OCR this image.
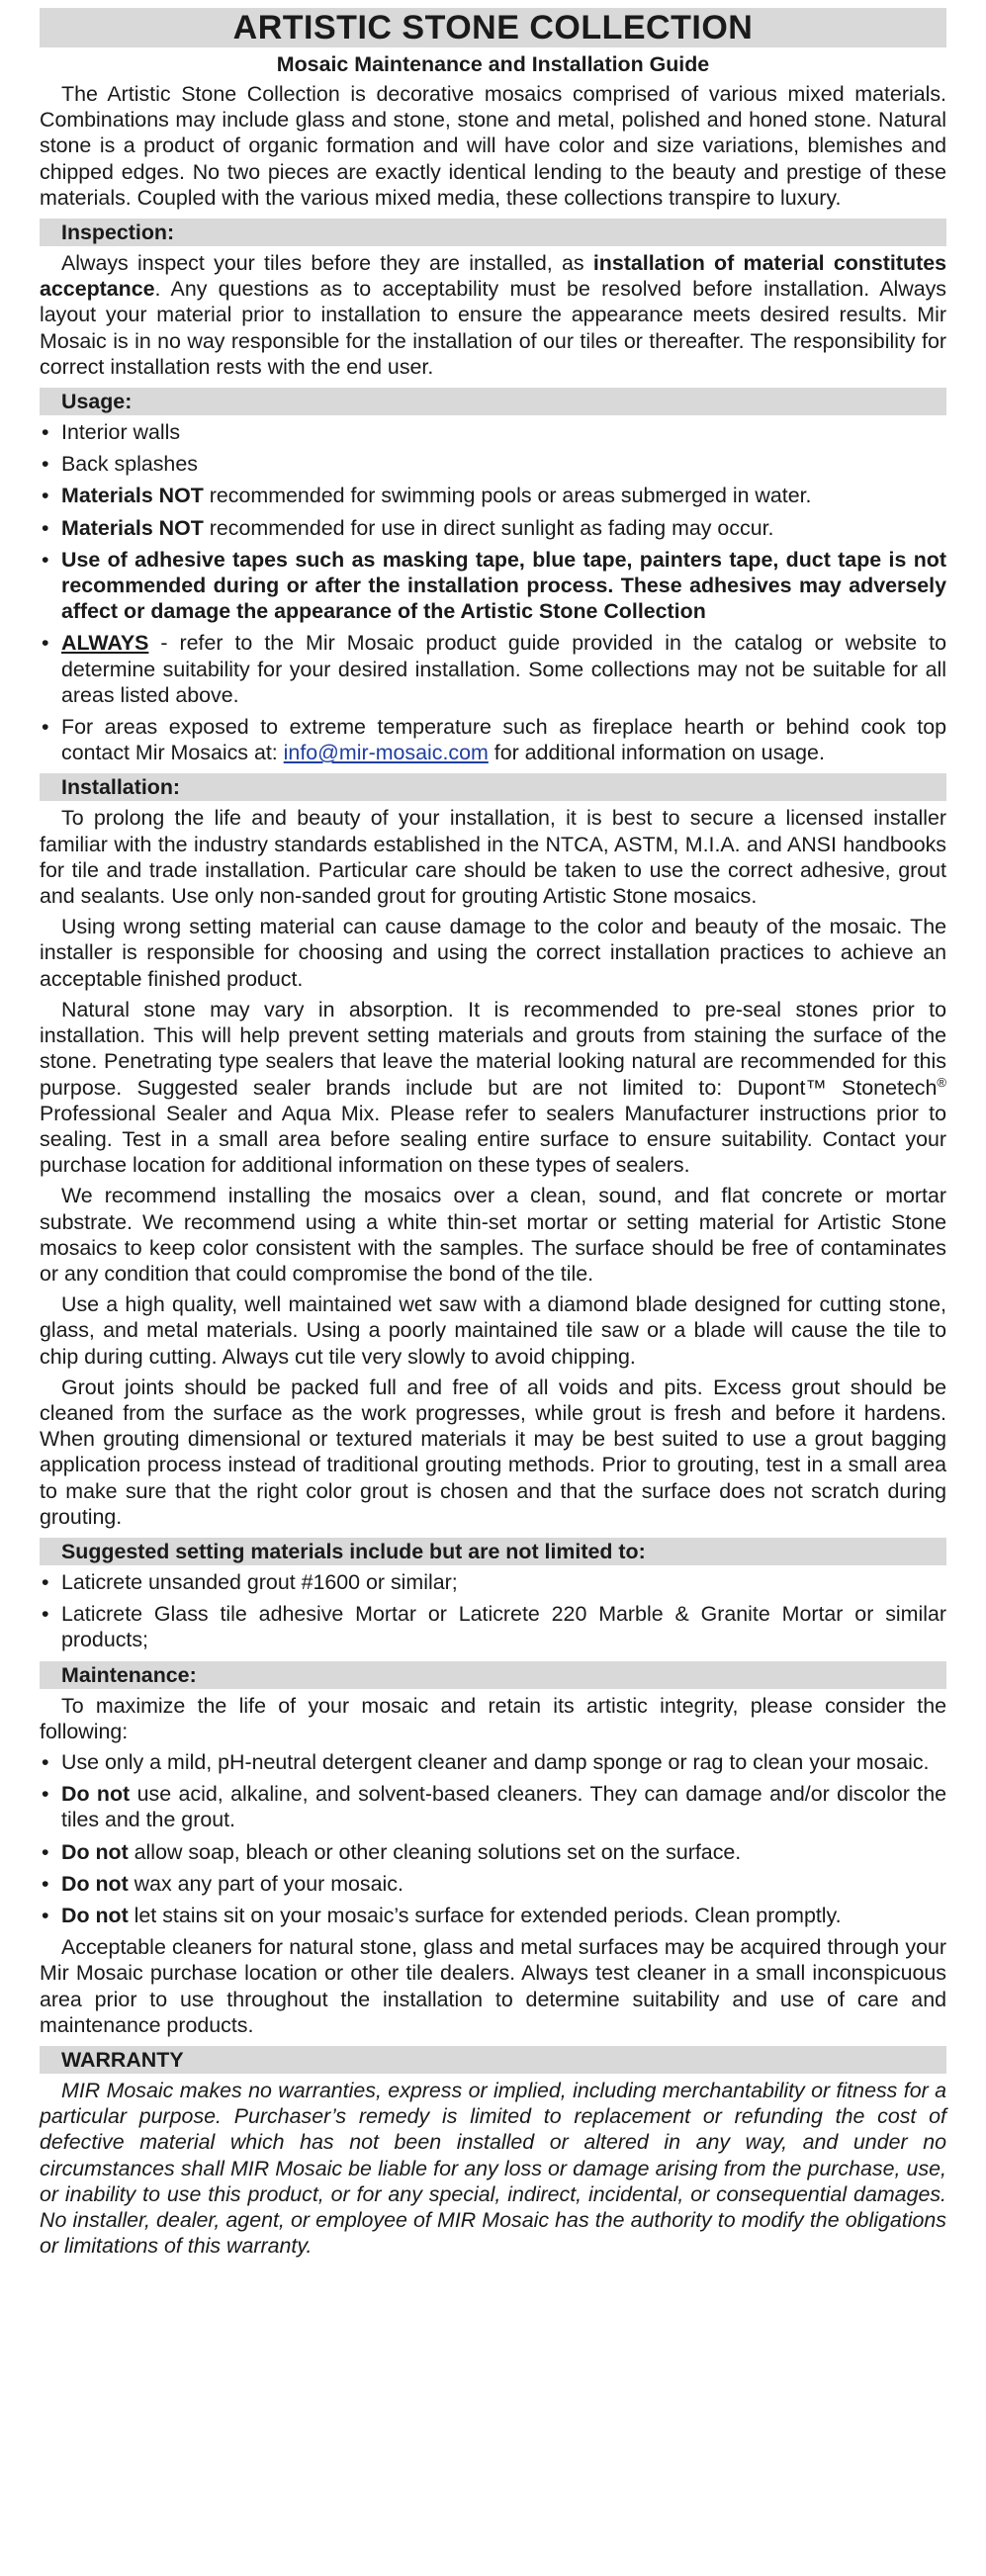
ARTISTIC STONE COLLECTION
Mosaic Maintenance and Installation Guide

The Artistic Stone Collection is decorative mosaics comprised of various mixed materials. Combinations may include glass and stone, stone and metal, polished and honed stone. Natural stone is a product of organic formation and will have color and size variations, blemishes and chipped edges. No two pieces are exactly identical lending to the beauty and prestige of these materials. Coupled with the various mixed media, these collections transpire to luxury.

Inspection:

Always inspect your tiles before they are installed, as installation of material constitutes acceptance. Any questions as to acceptability must be resolved before installation. Always layout your material prior to installation to ensure the appearance meets desired results. Mir Mosaic is in no way responsible for the installation of our tiles or thereafter. The responsibility for correct installation rests with the end user.

Usage:
• Interior walls
• Back splashes
• Materials NOT recommended for swimming pools or areas submerged in water.
• Materials NOT recommended for use in direct sunlight as fading may occur.
• Use of adhesive tapes such as masking tape, blue tape, painters tape, duct tape is not recommended during or after the installation process. These adhesives may adversely affect or damage the appearance of the Artistic Stone Collection
• ALWAYS - refer to the Mir Mosaic product guide provided in the catalog or website to determine suitability for your desired installation. Some collections may not be suitable for all areas listed above.
• For areas exposed to extreme temperature such as fireplace hearth or behind cook top contact Mir Mosaics at: info@mir-mosaic.com for additional information on usage.
Installation:

To prolong the life and beauty of your installation, it is best to secure a licensed installer familiar with the industry standards established in the NTCA, ASTM, M.I.A. and ANSI handbooks for tile and trade installation. Particular care should be taken to use the correct adhesive, grout and sealants. Use only non-sanded grout for grouting Artistic Stone mosaics.

Using wrong setting material can cause damage to the color and beauty of the mosaic. The installer is responsible for choosing and using the correct installation practices to achieve an acceptable finished product.

Natural stone may vary in absorption. It is recommended to pre-seal stones prior to installation. This will help prevent setting materials and grouts from staining the surface of the stone. Penetrating type sealers that leave the material looking natural are recommended for this purpose. Suggested sealer brands include but are not limited to: Dupont™ Stonetech® Professional Sealer and Aqua Mix. Please refer to sealers Manufacturer instructions prior to sealing. Test in a small area before sealing entire surface to ensure suitability. Contact your purchase location for additional information on these types of sealers.

We recommend installing the mosaics over a clean, sound, and flat concrete or mortar substrate. We recommend using a white thin-set mortar or setting material for Artistic Stone mosaics to keep color consistent with the samples. The surface should be free of contaminates or any condition that could compromise the bond of the tile.

Use a high quality, well maintained wet saw with a diamond blade designed for cutting stone, glass, and metal materials. Using a poorly maintained tile saw or a blade will cause the tile to chip during cutting. Always cut tile very slowly to avoid chipping.

Grout joints should be packed full and free of all voids and pits. Excess grout should be cleaned from the surface as the work progresses, while grout is fresh and before it hardens. When grouting dimensional or textured materials it may be best suited to use a grout bagging application process instead of traditional grouting methods. Prior to grouting, test in a small area to make sure that the right color grout is chosen and that the surface does not scratch during grouting.

Suggested setting materials include but are not limited to:
• Laticrete unsanded grout #1600 or similar;
• Laticrete Glass tile adhesive Mortar or Laticrete 220 Marble & Granite Mortar or similar products;
Maintenance:

To maximize the life of your mosaic and retain its artistic integrity, please consider the following:

• Use only a mild, pH-neutral detergent cleaner and damp sponge or rag to clean your mosaic.
• Do not use acid, alkaline, and solvent-based cleaners. They can damage and/or discolor the tiles and the grout.
• Do not allow soap, bleach or other cleaning solutions set on the surface.
• Do not wax any part of your mosaic.
• Do not let stains sit on your mosaic’s surface for extended periods. Clean promptly.

Acceptable cleaners for natural stone, glass and metal surfaces may be acquired through your Mir Mosaic purchase location or other tile dealers. Always test cleaner in a small inconspicuous area prior to use throughout the installation to determine suitability and use of care and maintenance products.

WARRANTY

MIR Mosaic makes no warranties, express or implied, including merchantability or fitness for a particular purpose. Purchaser’s remedy is limited to replacement or refunding the cost of defective material which has not been installed or altered in any way, and under no circumstances shall MIR Mosaic be liable for any loss or damage arising from the purchase, use, or inability to use this product, or for any special, indirect, incidental, or consequential damages. No installer, dealer, agent, or employee of MIR Mosaic has the authority to modify the obligations or limitations of this warranty.
